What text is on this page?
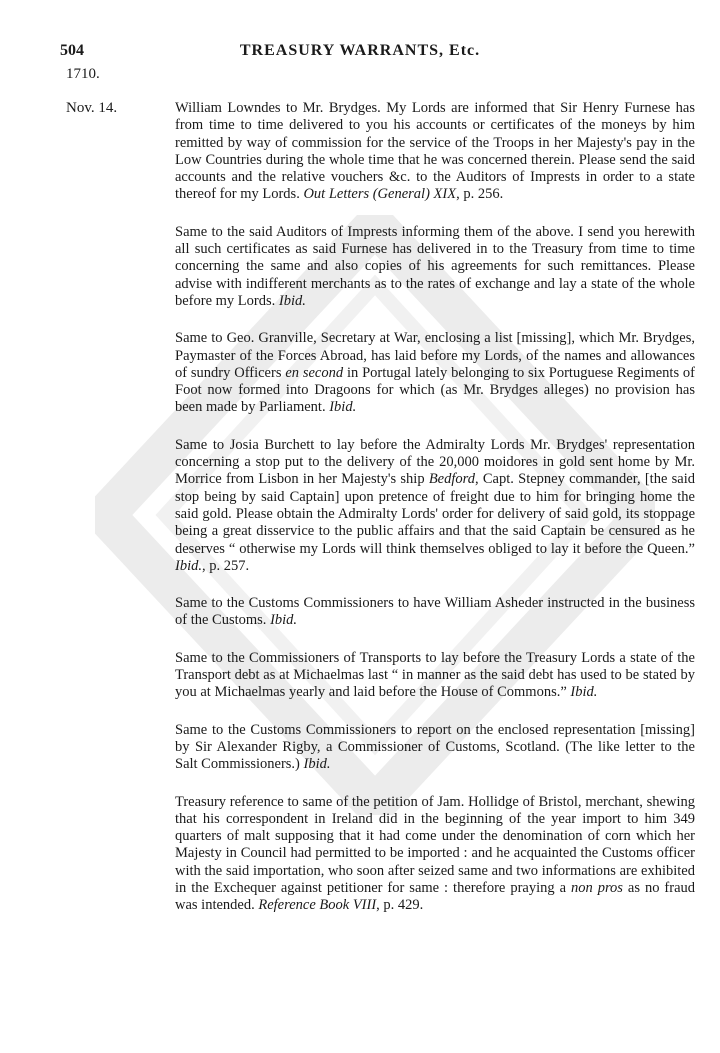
504	TREASURY WARRANTS, Etc.
1710.
Nov. 14.	William Lowndes to Mr. Brydges. My Lords are informed that Sir Henry Furnese has from time to time delivered to you his accounts or certificates of the moneys by him remitted by way of commission for the service of the Troops in her Majesty's pay in the Low Countries during the whole time that he was concerned therein. Please send the said accounts and the relative vouchers &c. to the Auditors of Imprests in order to a state thereof for my Lords. Out Letters (General) XIX, p. 256.

Same to the said Auditors of Imprests informing them of the above. I send you herewith all such certificates as said Furnese has delivered in to the Treasury from time to time concerning the same and also copies of his agreements for such remittances. Please advise with indifferent merchants as to the rates of exchange and lay a state of the whole before my Lords. Ibid.

Same to Geo. Granville, Secretary at War, enclosing a list [missing], which Mr. Brydges, Paymaster of the Forces Abroad, has laid before my Lords, of the names and allowances of sundry Officers en second in Portugal lately belonging to six Portuguese Regiments of Foot now formed into Dragoons for which (as Mr. Brydges alleges) no provision has been made by Parliament. Ibid.

Same to Josia Burchett to lay before the Admiralty Lords Mr. Brydges' representation concerning a stop put to the delivery of the 20,000 moidores in gold sent home by Mr. Morrice from Lisbon in her Majesty's ship Bedford, Capt. Stepney commander, [the said stop being by said Captain] upon pretence of freight due to him for bringing home the said gold. Please obtain the Admiralty Lords' order for delivery of said gold, its stoppage being a great disservice to the public affairs and that the said Captain be censured as he deserves “ otherwise my Lords will think themselves obliged to lay it before the Queen.” Ibid., p. 257.

Same to the Customs Commissioners to have William Asheder instructed in the business of the Customs. Ibid.

Same to the Commissioners of Transports to lay before the Treasury Lords a state of the Transport debt as at Michaelmas last “ in manner as the said debt has used to be stated by you at Michaelmas yearly and laid before the House of Commons.” Ibid.

Same to the Customs Commissioners to report on the enclosed representation [missing] by Sir Alexander Rigby, a Commissioner of Customs, Scotland. (The like letter to the Salt Commissioners.) Ibid.

Treasury reference to same of the petition of Jam. Hollidge of Bristol, merchant, shewing that his correspondent in Ireland did in the beginning of the year import to him 349 quarters of malt supposing that it had come under the denomination of corn which her Majesty in Council had permitted to be imported : and he acquainted the Customs officer with the said importation, who soon after seized same and two informations are exhibited in the Exchequer against petitioner for same : therefore praying a non pros as no fraud was intended. Reference Book VIII, p. 429.
